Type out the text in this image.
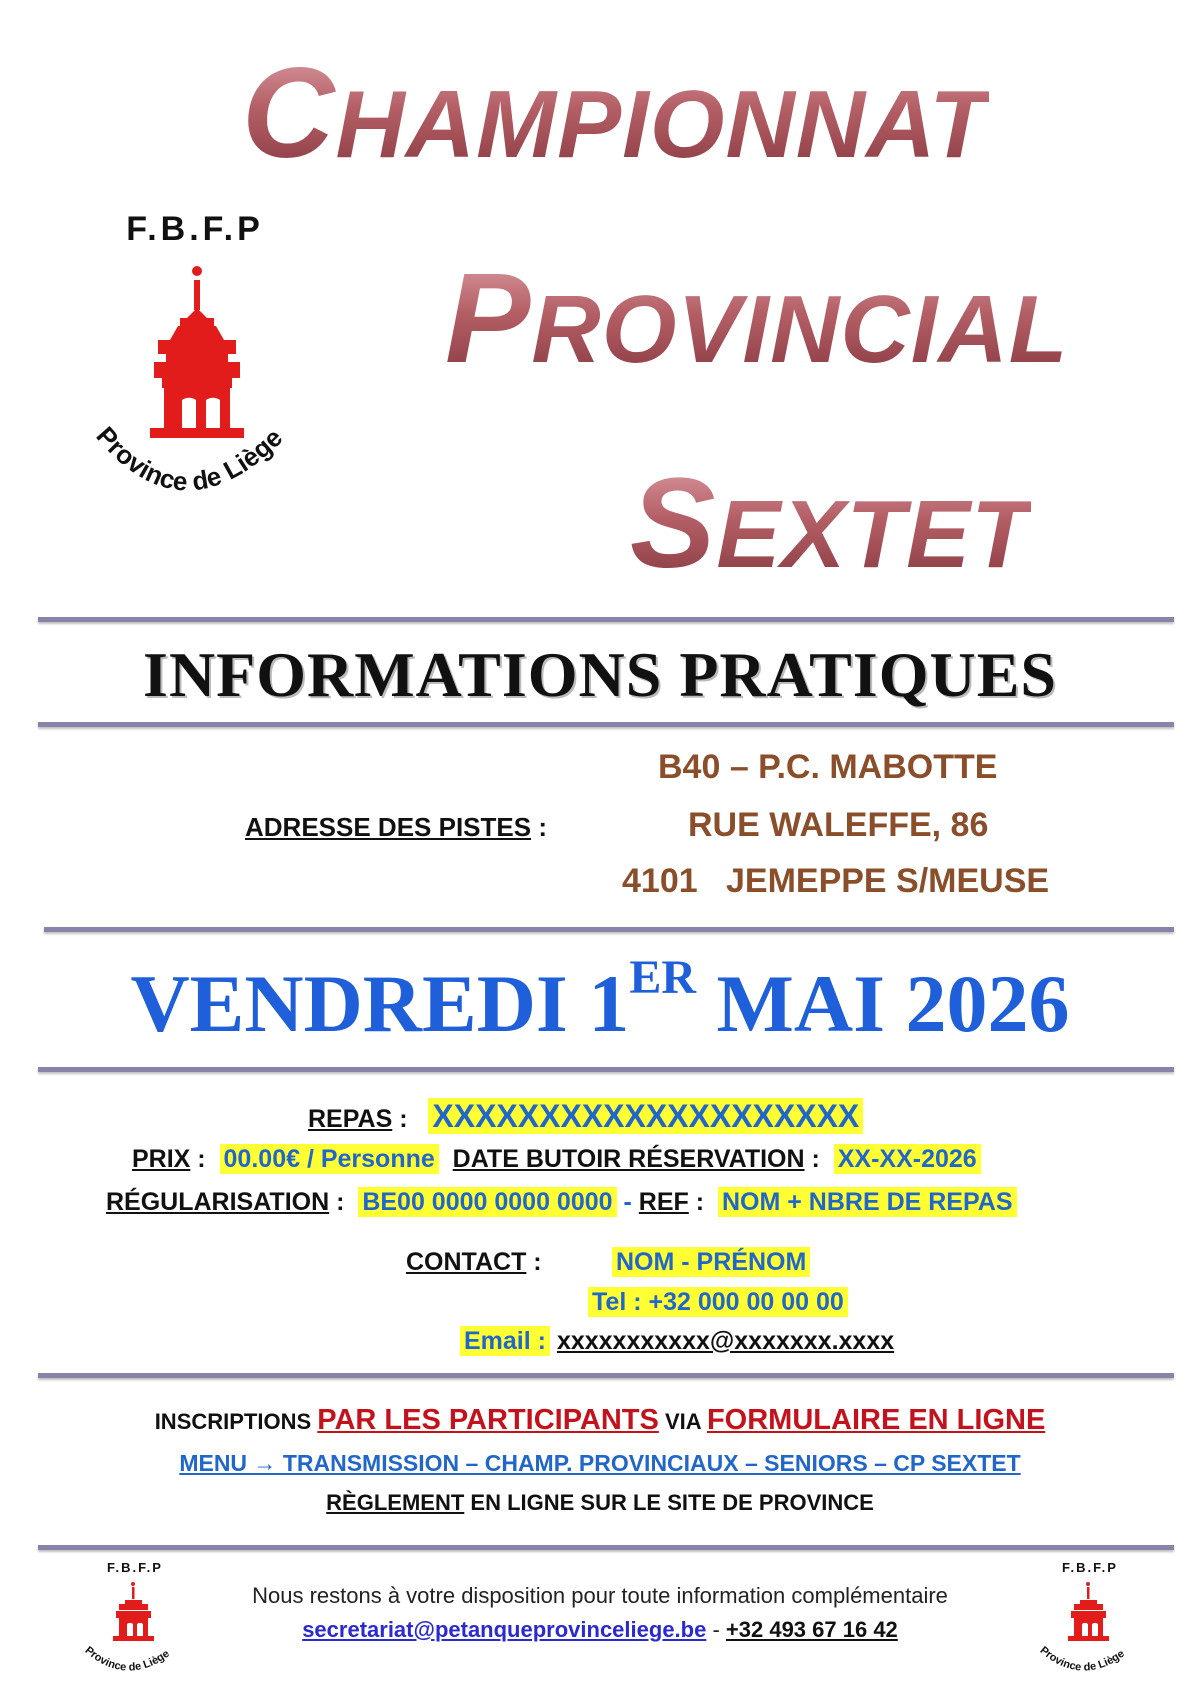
CHAMPIONNAT
PROVINCIAL
SEXTET
F.B.F.P
Province de Liège
INFORMATIONS PRATIQUES
ADRESSE DES PISTES :
B40 – P.C. MABOTTE
RUE WALEFFE, 86
4101   JEMEPPE S/MEUSE
VENDREDI 1ER MAI 2026
REPAS :   XXXXXXXXXXXXXXXXXXXX
PRIX :  00.00€ / Personne DATE BUTOIR RÉSERVATION :  XX-XX-2026
RÉGULARISATION :  BE00 0000 0000 0000 - REF :  NOM + NBRE DE REPAS
CONTACT :	NOM - PRÉNOM
Tel : +32 000 00 00 00
Email : xxxxxxxxxxx@xxxxxxx.xxxx
INSCRIPTIONS PAR LES PARTICIPANTS VIA FORMULAIRE EN LIGNE
MENU → TRANSMISSION – CHAMP. PROVINCIAUX – SENIORS – CP SEXTET
RÈGLEMENT EN LIGNE SUR LE SITE DE PROVINCE
Nous restons à votre disposition pour toute information complémentaire
secretariat@petanqueprovinceliege.be - +32 493 67 16 42
F.B.F.P
Province de Liège
F.B.F.P
Province de Liège
